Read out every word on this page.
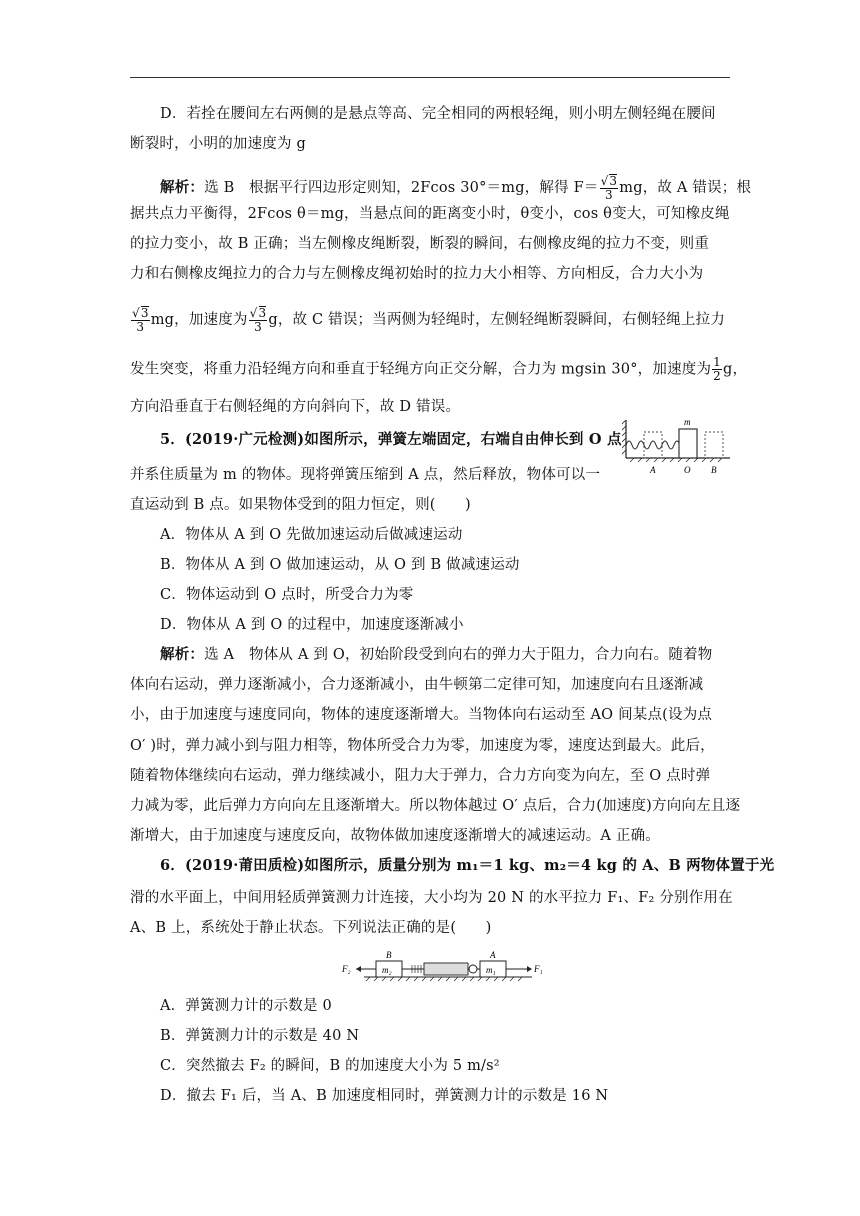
D．若拴在腰间左右两侧的是悬点等高、完全相同的两根轻绳，则小明左侧轻绳在腰间
断裂时，小明的加速度为 g
解析：选 B　根据平行四边形定则知，2Fcos 30°＝mg，解得 $F= \frac{√3}{3}$ mg，故 A 错误；根
据共点力平衡得，2Fcos θ＝mg，当悬点间的距离变小时，θ变小，cos θ变大，可知橡皮绳
的拉力变小，故 B 正确；当左侧橡皮绳断裂，断裂的瞬间，右侧橡皮绳的拉力不变，则重
力和右侧橡皮绳拉力的合力与左侧橡皮绳初始时的拉力大小相等、方向相反，合力大小为
$\frac{√3}{3}$ mg，加速度为 $\frac{√3}{3}$ g，故 C 错误；当两侧为轻绳时，左侧轻绳断裂瞬间，右侧轻绳上拉力
发生突变，将重力沿轻绳方向和垂直于轻绳方向正交分解，合力为 mgsin 30°，加速度为 $\frac{1}{2}$ g，
方向沿垂直于右侧轻绳的方向斜向下，故 D 错误。
5．(2019·广元检测)如图所示，弹簧左端固定，右端自由伸长到 O 点
并系住质量为 m 的物体。现将弹簧压缩到 A 点，然后释放，物体可以一
直运动到 B 点。如果物体受到的阻力恒定，则(　　)
A．物体从 A 到 O 先做加速运动后做减速运动
B．物体从 A 到 O 做加速运动，从 O 到 B 做减速运动
C．物体运动到 O 点时，所受合力为零
D．物体从 A 到 O 的过程中，加速度逐渐减小
解析：选 A　物体从 A 到 O，初始阶段受到向右的弹力大于阻力，合力向右。随着物
体向右运动，弹力逐渐减小，合力逐渐减小，由牛顿第二定律可知，加速度向右且逐渐减
小，由于加速度与速度同向，物体的速度逐渐增大。当物体向右运动至 AO 间某点(设为点
O′ )时，弹力减小到与阻力相等，物体所受合力为零，加速度为零，速度达到最大。此后，
随着物体继续向右运动，弹力继续减小，阻力大于弹力，合力方向变为向左，至 O 点时弹
力减为零，此后弹力方向向左且逐渐增大。所以物体越过 O′ 点后，合力(加速度)方向向左且逐
渐增大，由于加速度与速度反向，故物体做加速度逐渐增大的减速运动。A 正确。
m
A	O B
6．(2019·莆田质检)如图所示，质量分别为 m₁＝1 kg、m₂＝4 kg 的 A、B 两物体置于光
滑的水平面上，中间用轻质弹簧测力计连接，大小均为 20 N 的水平拉力 F₁、F₂ 分别作用在
A、B 上，系统处于静止状态。下列说法正确的是(　　)
F₂	F₁
B	A
m₂	m₁
A．弹簧测力计的示数是 0
B．弹簧测力计的示数是 40 N
C．突然撤去 F₂ 的瞬间，B 的加速度大小为 5 m/s²
D．撤去 F₁ 后，当 A、B 加速度相同时，弹簧测力计的示数是 16 N
